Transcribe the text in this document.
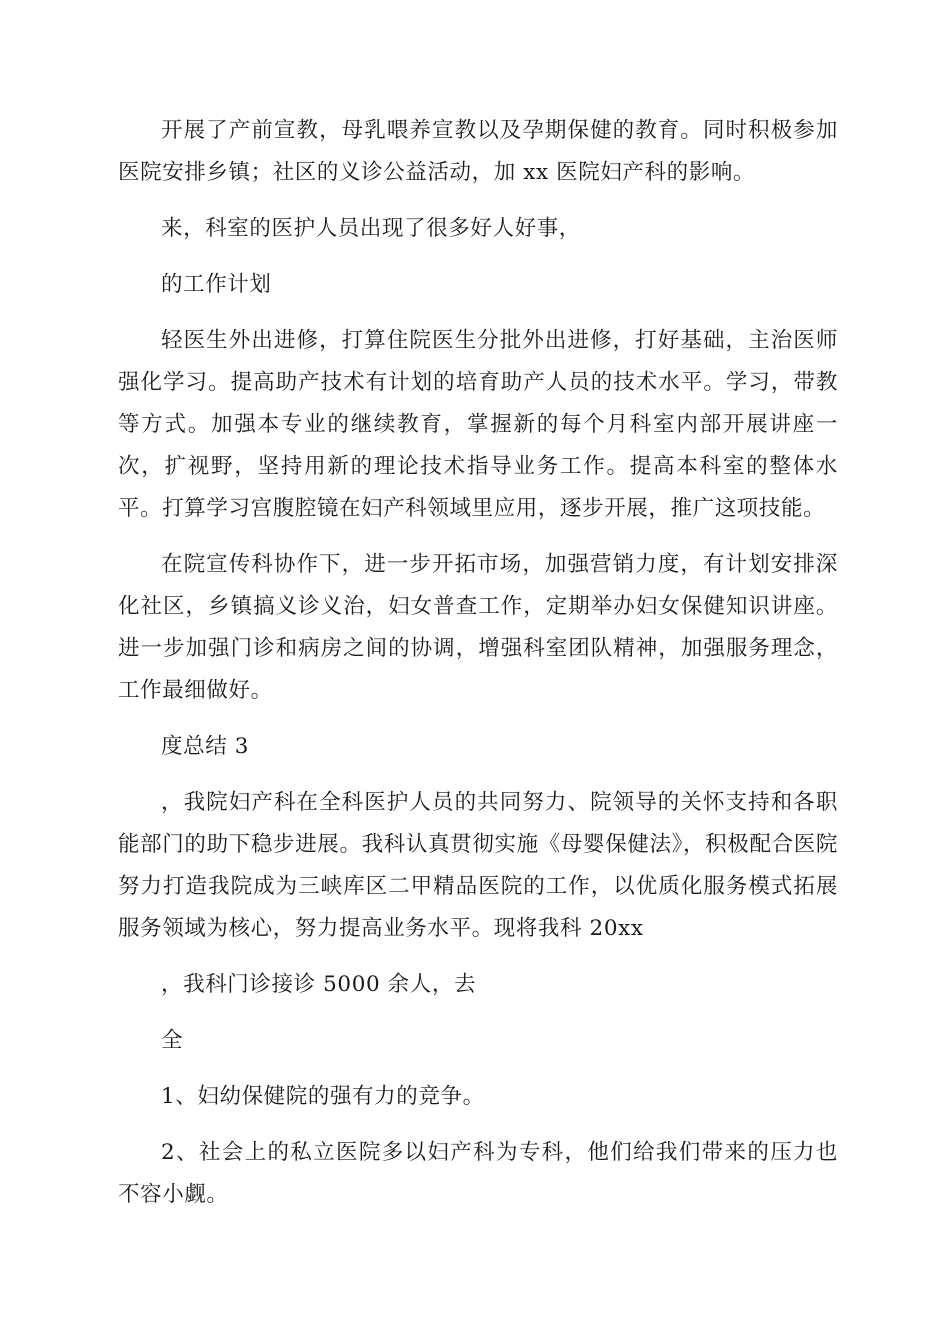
开展了产前宣教，母乳喂养宣教以及孕期保健的教育。同时积极参加医院安排乡镇；社区的义诊公益活动，加 xx 医院妇产科的影响。

来，科室的医护人员出现了很多好人好事，

的工作计划

轻医生外出进修，打算住院医生分批外出进修，打好基础，主治医师强化学习。提高助产技术有计划的培育助产人员的技术水平。学习，带教等方式。加强本专业的继续教育，掌握新的每个月科室内部开展讲座一次，扩视野，坚持用新的理论技术指导业务工作。提高本科室的整体水平。打算学习宫腹腔镜在妇产科领域里应用，逐步开展，推广这项技能。

在院宣传科协作下，进一步开拓市场，加强营销力度，有计划安排深化社区，乡镇搞义诊义治，妇女普查工作，定期举办妇女保健知识讲座。进一步加强门诊和病房之间的协调，增强科室团队精神，加强服务理念，工作最细做好。

度总结 3

，我院妇产科在全科医护人员的共同努力、院领导的关怀支持和各职能部门的助下稳步进展。我科认真贯彻实施《母婴保健法》，积极配合医院努力打造我院成为三峡库区二甲精品医院的工作，以优质化服务模式拓展服务领域为核心，努力提高业务水平。现将我科 20xx

，我科门诊接诊 5000 余人，去

全

1、妇幼保健院的强有力的竞争。

2、社会上的私立医院多以妇产科为专科，他们给我们带来的压力也不容小觑。
